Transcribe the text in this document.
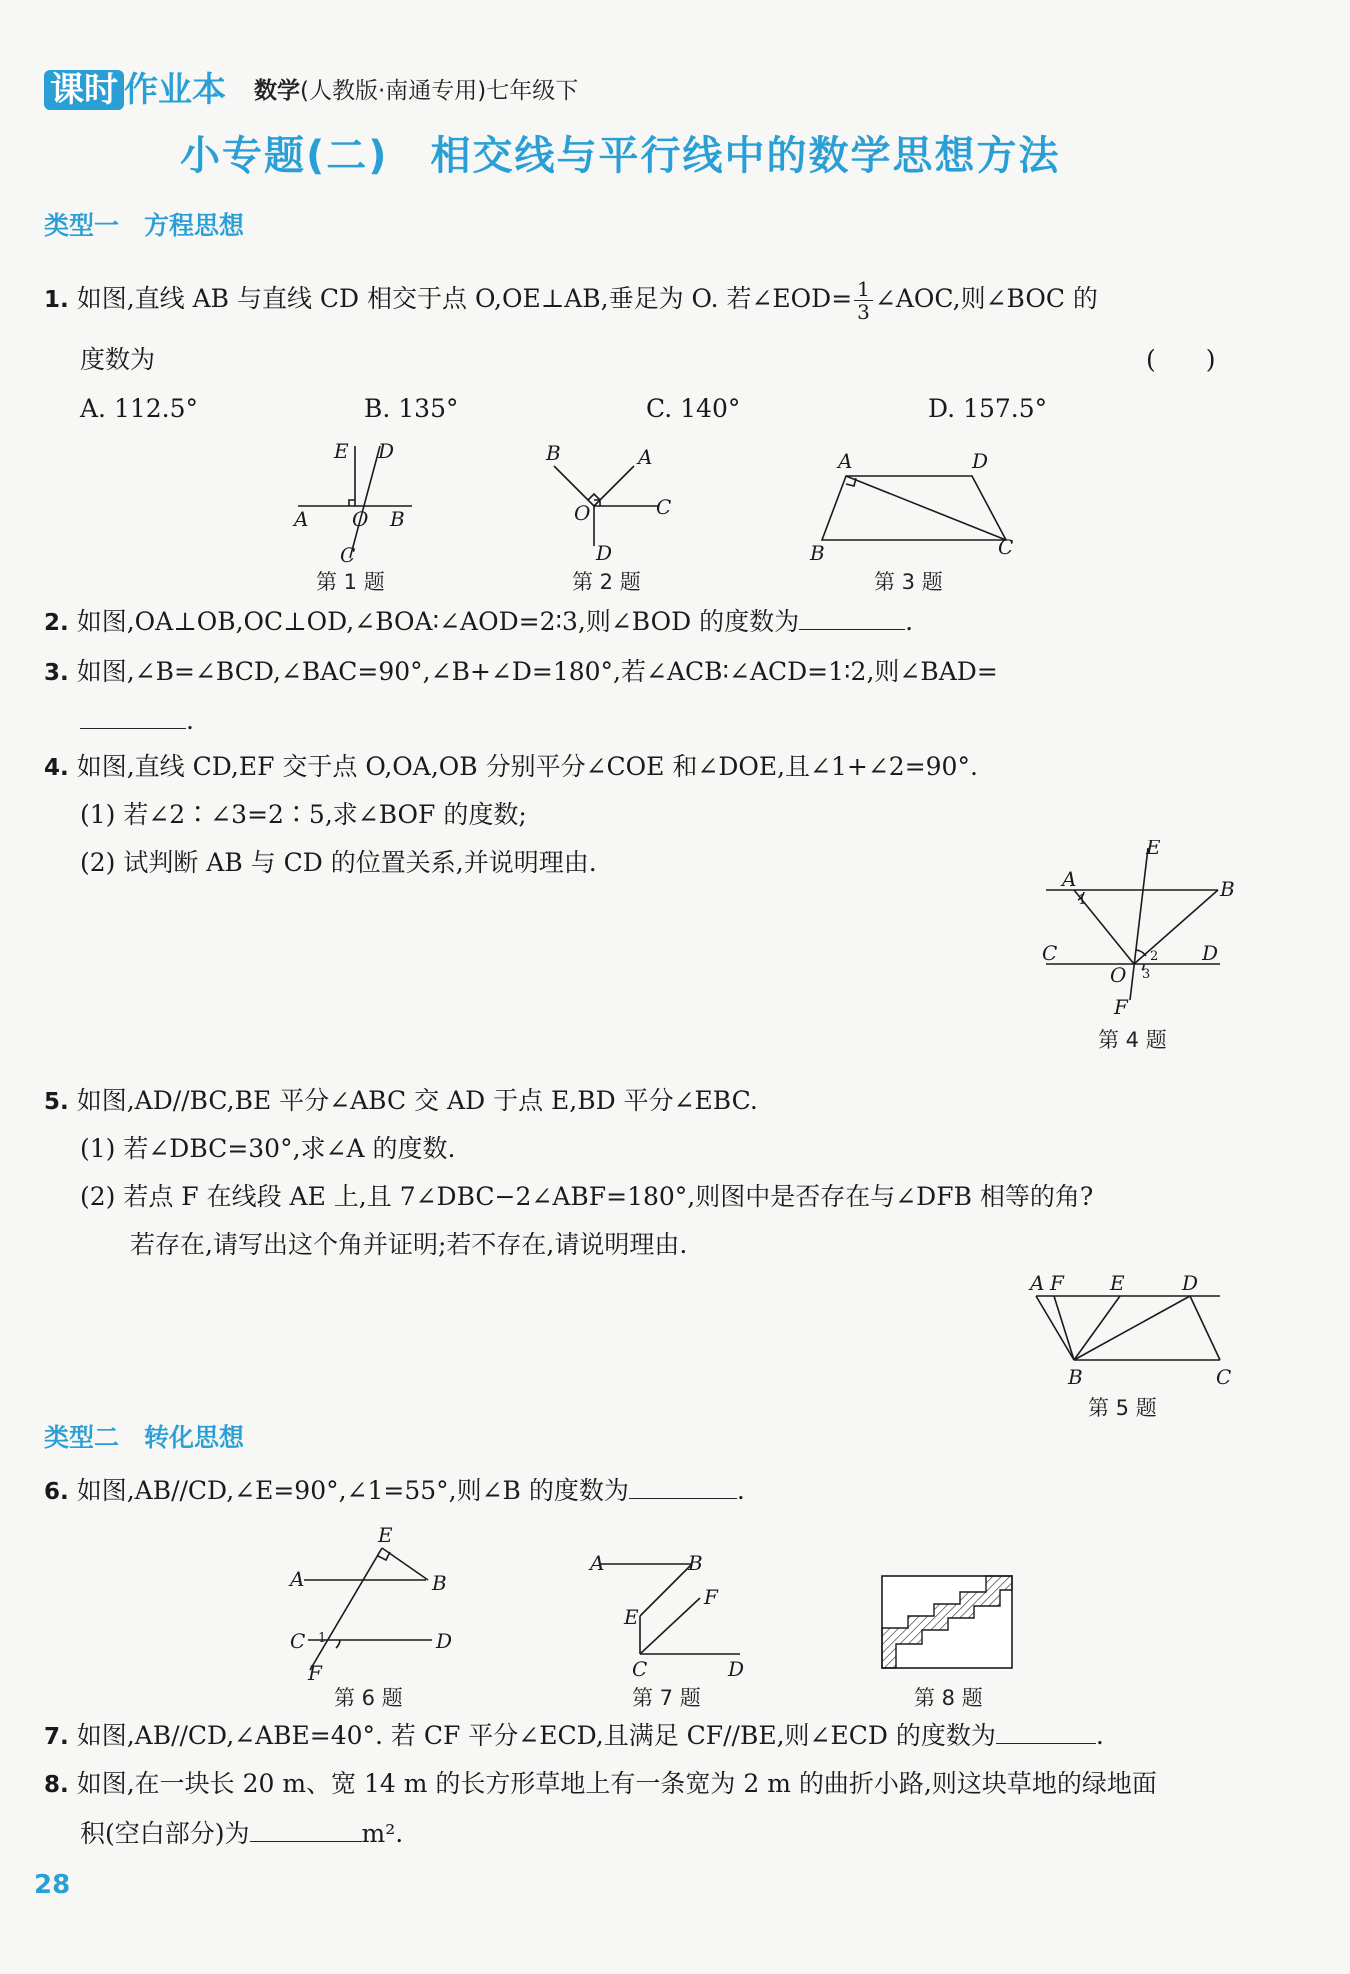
课时 作业本 数学(人教版·南通专用)七年级下
小专题(二)　相交线与平行线中的数学思想方法
类型一　方程思想
1. 如图,直线 AB 与直线 CD 相交于点 O,OE⊥AB,垂足为 O. 若∠EOD= $\frac{1}{3}$ ∠AOC,则∠BOC 的
度数为	(　　)
A. 112.5°	B. 135°	C. 140°	D. 157.5°
E D
A O B
C
第 1 题
B	A
O	C
D
第 2 题
A	D
B	C
第 3 题
2. 如图,OA⊥OB,OC⊥OD,∠BOA∶∠AOD=2∶3,则∠BOD 的度数为	.
3. 如图,∠B=∠BCD,∠BAC=90°,∠B+∠D=180°,若∠ACB∶∠ACD=1∶2,则∠BAD=
.
4. 如图,直线 CD,EF 交于点 O,OA,OB 分别平分∠COE 和∠DOE,且∠1+∠2=90°.
(1) 若∠2∶∠3=2∶5,求∠BOF 的度数;
(2) 试判断 AB 与 CD 的位置关系,并说明理由.
E
A
1	B
C	2 D
O 3
F
第 4 题
5. 如图,AD//BC,BE 平分∠ABC 交 AD 于点 E,BD 平分∠EBC.
(1) 若∠DBC=30°,求∠A 的度数.
(2) 若点 F 在线段 AE 上,且 7∠DBC−2∠ABF=180°,则图中是否存在与∠DFB 相等的角?
若存在,请写出这个角并证明;若不存在,请说明理由.
A F E	D
B	C
第 5 题
类型二　转化思想
6. 如图,AB//CD,∠E=90°,∠1=55°,则∠B 的度数为	.
E
A	B
C 1	D
F
第 6 题
A	B
E
F
C	D
第 7 题	第 8 题
7. 如图,AB//CD,∠ABE=40°. 若 CF 平分∠ECD,且满足 CF//BE,则∠ECD 的度数为	.
8. 如图,在一块长 20 m、宽 14 m 的长方形草地上有一条宽为 2 m 的曲折小路,则这块草地的绿地面
积(空白部分)为	m².
28
